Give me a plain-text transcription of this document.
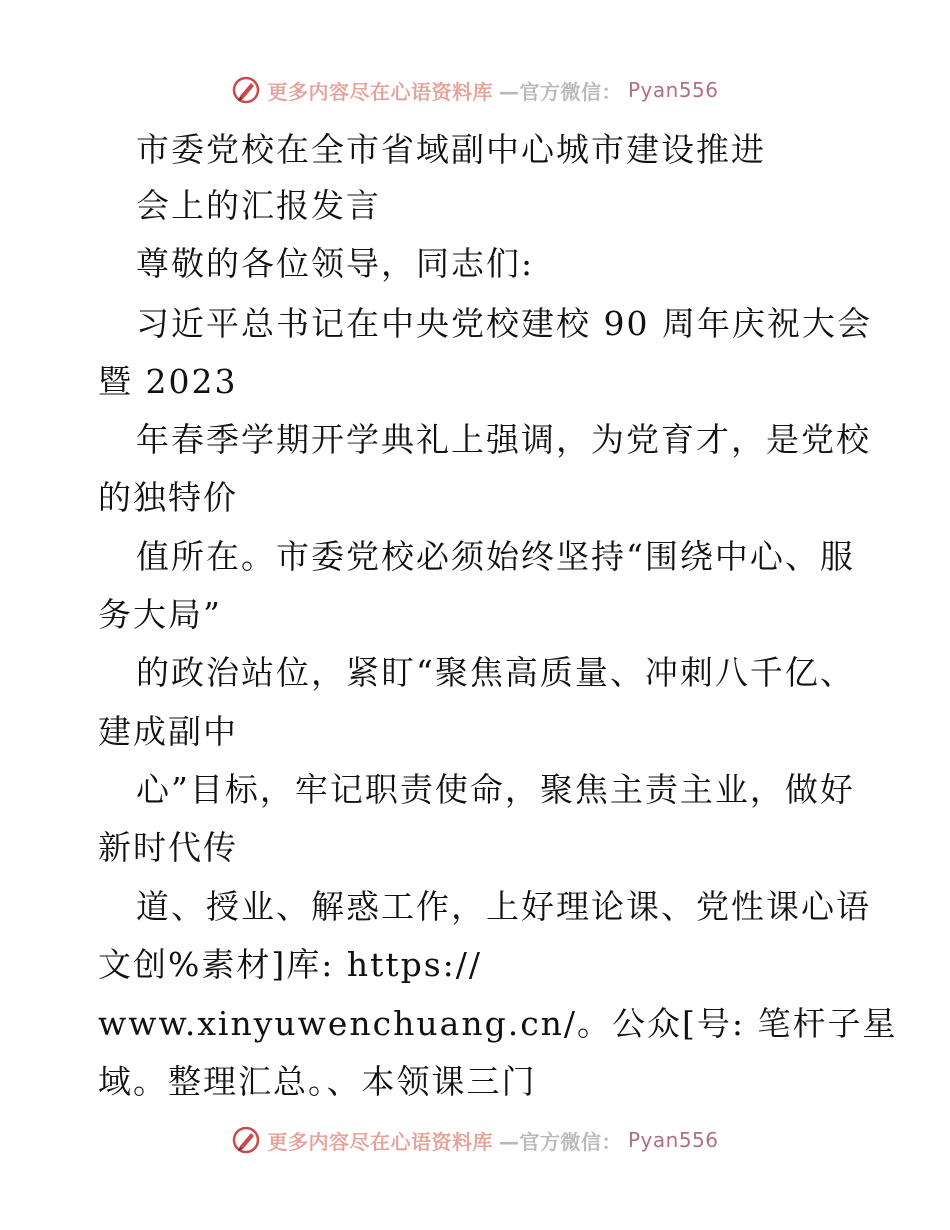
更多内容尽在心语资料库 —官方微信： Pyan556
市委党校在全市省域副中心城市建设推进
会上的汇报发言
尊敬的各位领导，同志们:
习近平总书记在中央党校建校 90 周年庆祝大会
暨 2023
年春季学期开学典礼上强调，为党育才，是党校
的独特价
值所在。市委党校必须始终坚持“围绕中心、服
务大局”
的政治站位，紧盯“聚焦高质量、冲刺八千亿、
建成副中
心”目标，牢记职责使命，聚焦主责主业，做好
新时代传
道、授业、解惑工作，上好理论课、党性课心语
文创%素材]库: https://
www.xinyuwenchuang.cn/。公众[号: 笔杆子星
域。整理汇总。、本领课三门
更多内容尽在心语资料库 —官方微信： Pyan556
